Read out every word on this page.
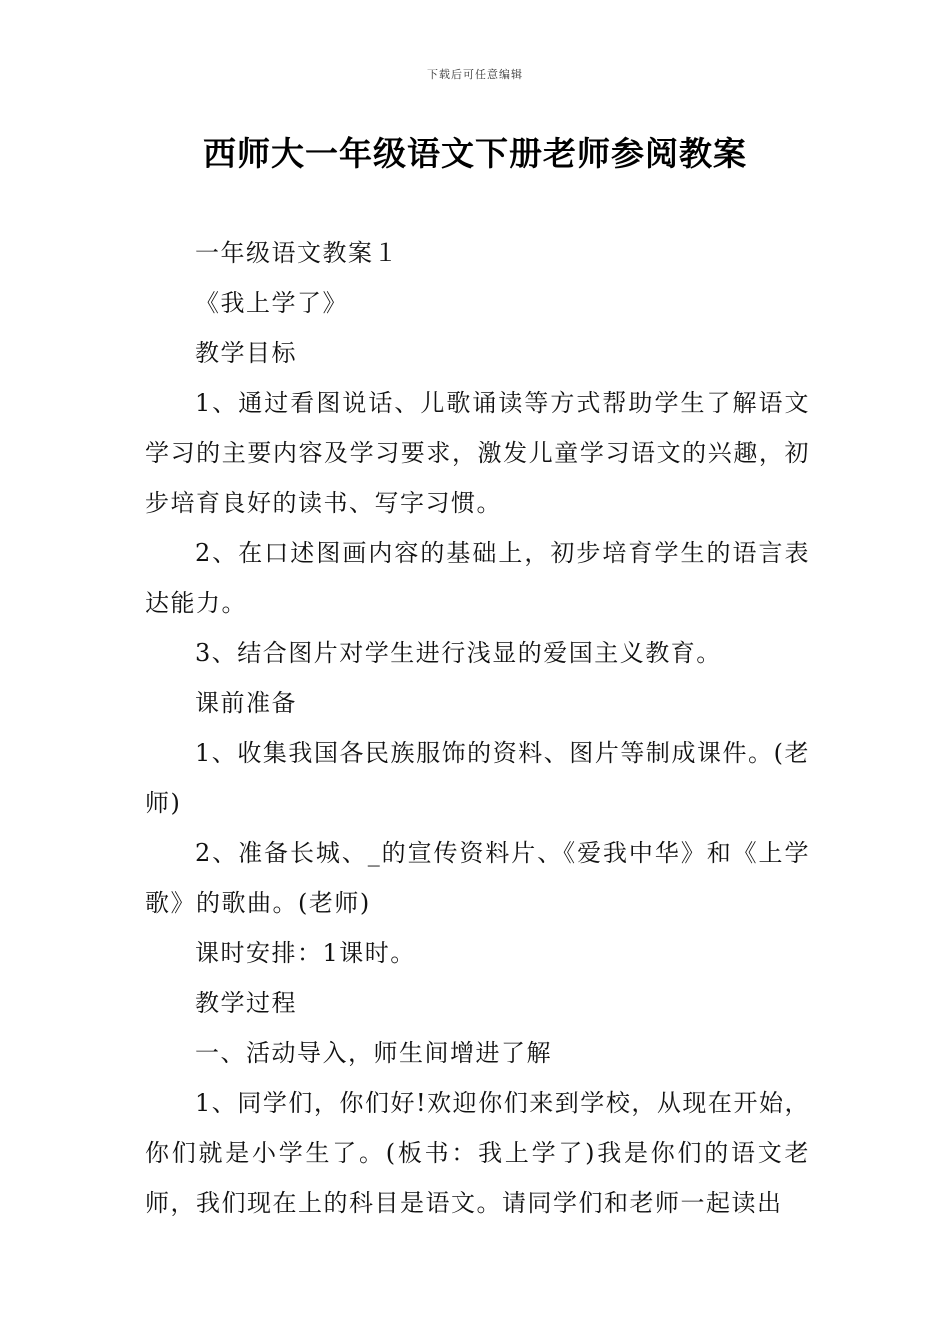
下载后可任意编辑
西师大一年级语文下册老师参阅教案

一年级语文教案１

《我上学了》

教学目标

1、通过看图说话、儿歌诵读等方式帮助学生了解语文学习的主要内容及学习要求，激发儿童学习语文的兴趣，初步培育良好的读书、写字习惯。

2、在口述图画内容的基础上，初步培育学生的语言表达能力。

3、结合图片对学生进行浅显的爱国主义教育。

课前准备

1、收集我国各民族服饰的资料、图片等制成课件。(老师)

2、准备长城、_的宣传资料片、《爱我中华》和《上学歌》的歌曲。(老师)

课时安排：1课时。

教学过程

一、活动导入，师生间增进了解

1、同学们，你们好!欢迎你们来到学校，从现在开始，你们就是小学生了。(板书：我上学了)我是你们的语文老师，我们现在上的科目是语文。请同学们和老师一起读出
